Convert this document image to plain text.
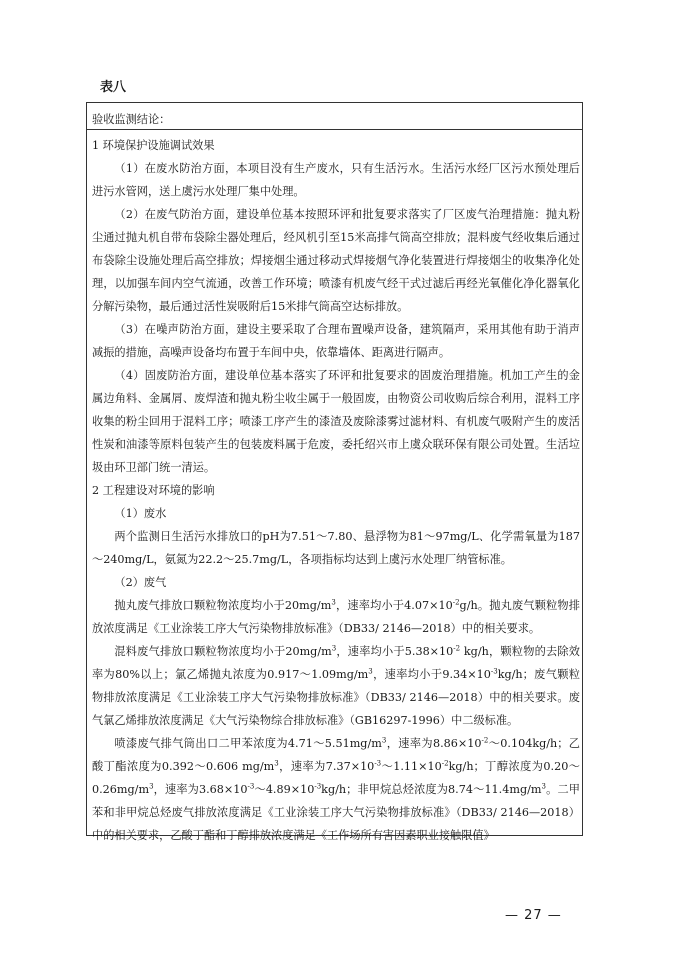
表八

验收监测结论：

1 环境保护设施调试效果

（1）在废水防治方面，本项目没有生产废水，只有生活污水。生活污水经厂区污水预处理后进污水管网，送上虞污水处理厂集中处理。

（2）在废气防治方面，建设单位基本按照环评和批复要求落实了厂区废气治理措施：抛丸粉尘通过抛丸机自带布袋除尘器处理后，经风机引至15米高排气筒高空排放；混料废气经收集后通过布袋除尘设施处理后高空排放；焊接烟尘通过移动式焊接烟气净化装置进行焊接烟尘的收集净化处理，以加强车间内空气流通，改善工作环境；喷漆有机废气经干式过滤后再经光氧催化净化器氧化分解污染物，最后通过活性炭吸附后15米排气筒高空达标排放。

（3）在噪声防治方面，建设主要采取了合理布置噪声设备，建筑隔声，采用其他有助于消声减振的措施，高噪声设备均布置于车间中央，依靠墙体、距离进行隔声。

（4）固废防治方面，建设单位基本落实了环评和批复要求的固废治理措施。机加工产生的金属边角料、金属屑、废焊渣和抛丸粉尘收尘属于一般固废，由物资公司收购后综合利用，混料工序收集的粉尘回用于混料工序；喷漆工序产生的漆渣及废除漆雾过滤材料、有机废气吸附产生的废活性炭和油漆等原料包装产生的包装废料属于危废，委托绍兴市上虞众联环保有限公司处置。生活垃圾由环卫部门统一清运。

2 工程建设对环境的影响

（1）废水

两个监测日生活污水排放口的pH为7.51～7.80、悬浮物为81～97mg/L、化学需氧量为187～240mg/L，氨氮为22.2～25.7mg/L，各项指标均达到上虞污水处理厂纳管标准。

（2）废气

抛丸废气排放口颗粒物浓度均小于$20mg/m^3$，速率均小于$4.07\times 10^{-2}g/h$。抛丸废气颗粒物排放浓度满足《工业涂装工序大气污染物排放标准》（DB33/ 2146—2018）中的相关要求。

混料废气排放口颗粒物浓度均小于$20mg/m^3$，速率均小于$5.38\times 10^{-2}$ kg/h，颗粒物的去除效率为80%以上；氯乙烯抛丸浓度为$0.917\sim 1.09mg/m^3$，速率均小于$9.34\times 10^{-3}kg/h$；废气颗粒物排放浓度满足《工业涂装工序大气污染物排放标准》（DB33/ 2146—2018）中的相关要求。废气氯乙烯排放浓度满足《大气污染物综合排放标准》（GB16297-1996）中二级标准。

喷漆废气排气筒出口二甲苯浓度为$4.71\sim 5.51mg/m^3$，速率为$8.86\times 10^{-2}\sim 0.104kg/h$；乙酸丁酯浓度为0.392～0.606 $mg/m^3$，速率为$7.37\times 10^{-3}\sim 1.11\times 10^{-2}kg/h$；丁醇浓度为$0.20\sim 0.26mg/m^3$，速率为$3.68\times 10^{-3}\sim 4.89\times 10^{-3}kg/h$；非甲烷总烃浓度为$8.74\sim 11.4mg/m^3$。二甲苯和非甲烷总烃废气排放浓度满足《工业涂装工序大气污染物排放标准》（DB33/ 2146—2018）中的相关要求，乙酸丁酯和丁醇排放浓度满足《工作场所有害因素职业接触限值》

— 27 —
